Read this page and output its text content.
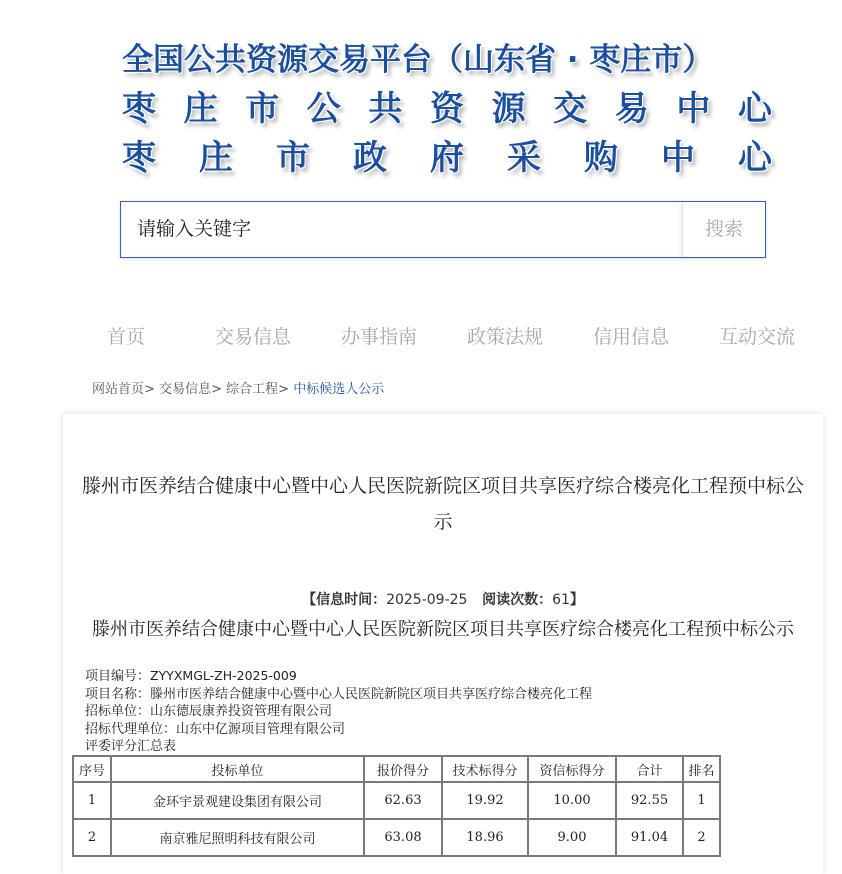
全国公共资源交易平台（山东省 · 枣庄市）
枣 庄 市 公 共 资 源 交 易 中 心
枣 庄 市 政 府 采 购 中 心
请输入关键字	搜索
首页	交易信息	办事指南	政策法规	信用信息	互动交流
网站首页> 交易信息> 综合工程> 中标候选人公示
滕州市医养结合健康中心暨中心人民医院新院区项目共享医疗综合楼亮化工程预中标公示
【信息时间：2025-09-25 阅读次数：61】
滕州市医养结合健康中心暨中心人民医院新院区项目共享医疗综合楼亮化工程预中标公示
项目编号：ZYYXMGL-ZH-2025-009
项目名称：滕州市医养结合健康中心暨中心人民医院新院区项目共享医疗综合楼亮化工程
招标单位：山东德辰康养投资管理有限公司
招标代理单位：山东中亿源项目管理有限公司
评委评分汇总表
序号	投标单位	报价得分	技术标得分	资信标得分	合计	排名
1	金环宇景观建设集团有限公司	62.63	19.92	10.00	92.55	1
2	南京雅尼照明科技有限公司	63.08	18.96	9.00	91.04	2
